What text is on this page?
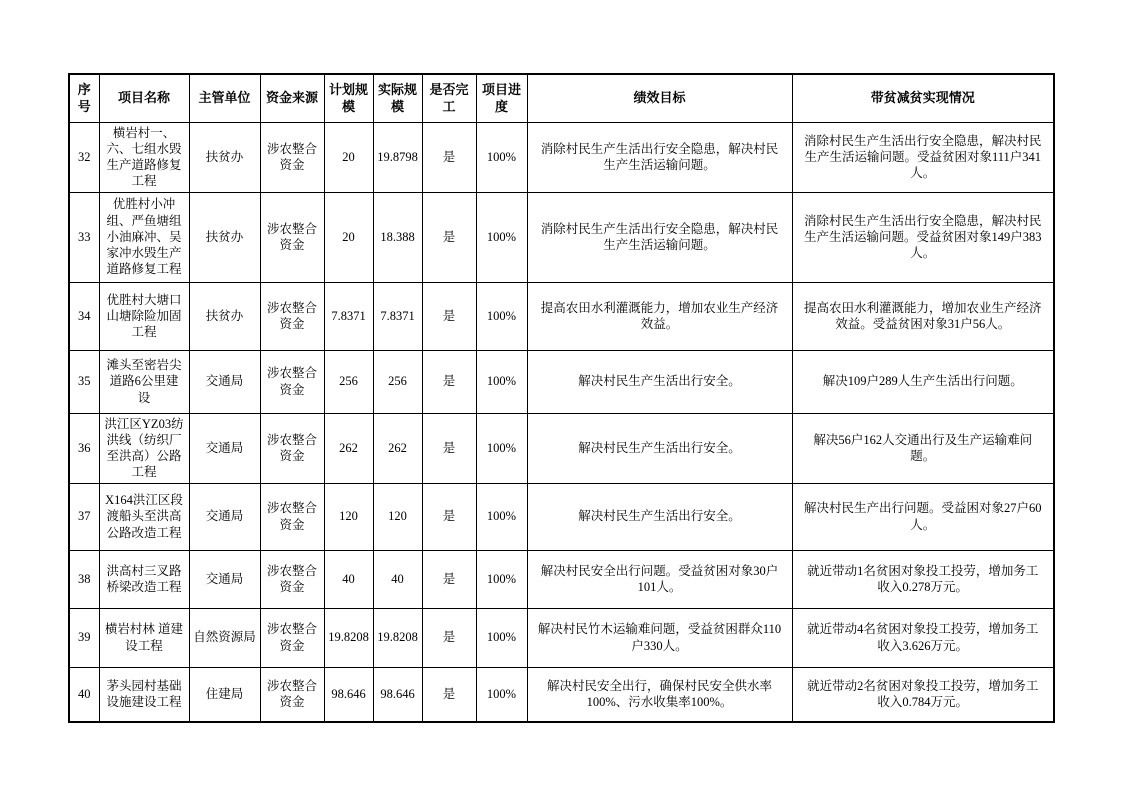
序号	项目名称	主管单位	资金来源	计划规模	实际规模	是否完工	项目进度	绩效目标	带贫减贫实现情况
32	横岩村一、六、七组水毁生产道路修复工程	扶贫办	涉农整合资金	20	19.8798	是	100%	消除村民生产生活出行安全隐患，解决村民生产生活运输问题。	消除村民生产生活出行安全隐患，解决村民生产生活运输问题。受益贫困对象111户341人。
33	优胜村小冲组、严鱼塘组小油麻冲、吴家冲水毁生产道路修复工程	扶贫办	涉农整合资金	20	18.388	是	100%	消除村民生产生活出行安全隐患，解决村民生产生活运输问题。	消除村民生产生活出行安全隐患，解决村民生产生活运输问题。受益贫困对象149户383人。
34	优胜村大塘口山塘除险加固工程	扶贫办	涉农整合资金	7.8371	7.8371	是	100%	提高农田水利灌溉能力，增加农业生产经济效益。	提高农田水利灌溉能力，增加农业生产经济效益。受益贫困对象31户56人。
35	滩头至密岩尖道路6公里建设	交通局	涉农整合资金	256	256	是	100%	解决村民生产生活出行安全。	解决109户289人生产生活出行问题。
36	洪江区YZ03纺洪线（纺织厂至洪高）公路工程	交通局	涉农整合资金	262	262	是	100%	解决村民生产生活出行安全。	解决56户162人交通出行及生产运输难问题。
37	X164洪江区段渡船头至洪高公路改造工程	交通局	涉农整合资金	120	120	是	100%	解决村民生产生活出行安全。	解决村民生产出行问题。受益困对象27户60人。
38	洪高村三叉路桥梁改造工程	交通局	涉农整合资金	40	40	是	100%	解决村民安全出行问题。受益贫困对象30户101人。	就近带动1名贫困对象投工投劳，增加务工收入0.278万元。
39	横岩村林 道建设工程	自然资源局	涉农整合资金	19.8208	19.8208	是	100%	解决村民竹木运输难问题，受益贫困群众110户330人。	就近带动4名贫困对象投工投劳，增加务工收入3.626万元。
40	茅头园村基础设施建设工程	住建局	涉农整合资金	98.646	98.646	是	100%	解决村民安全出行，确保村民安全供水率100%、污水收集率100%。	就近带动2名贫困对象投工投劳，增加务工收入0.784万元。
